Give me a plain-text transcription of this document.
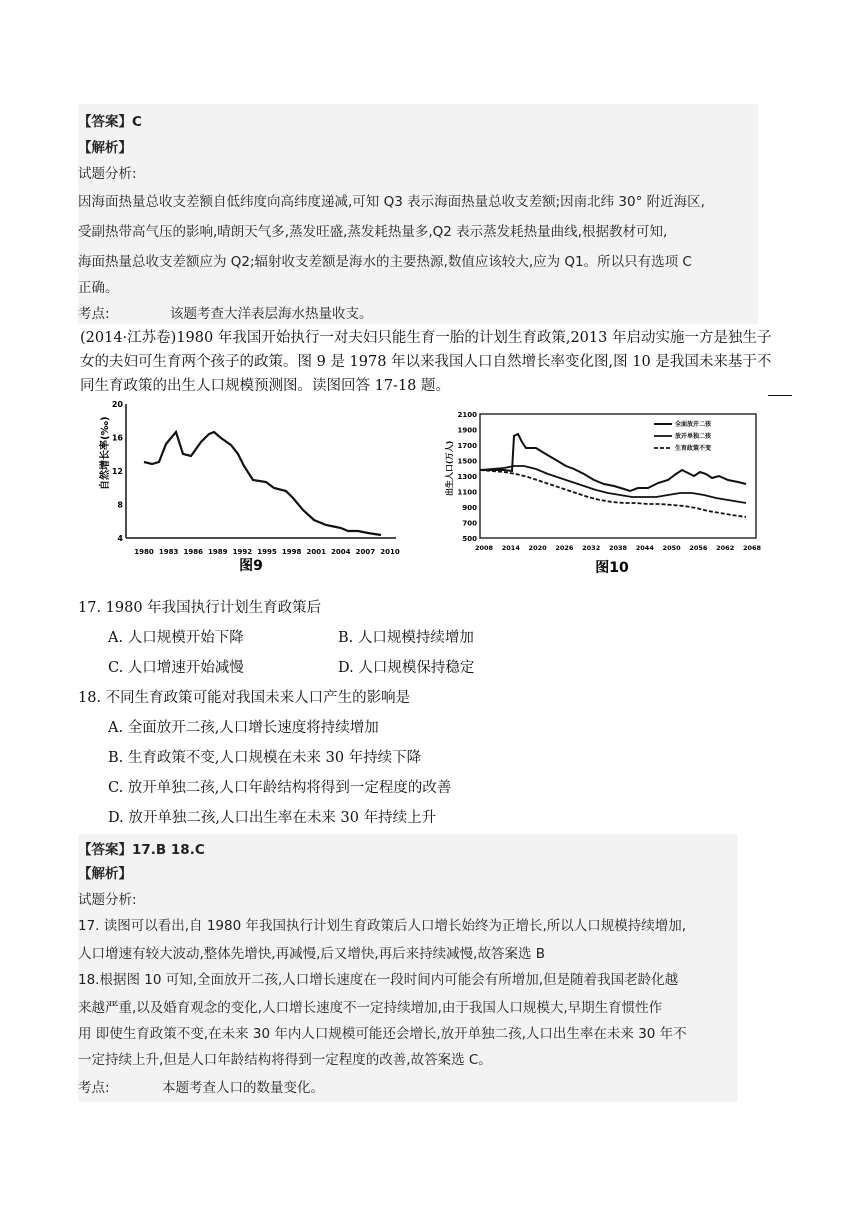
【答案】C
【解析】
试题分析:
因海面热量总收支差额自低纬度向高纬度递减,可知 Q3 表示海面热量总收支差额;因南北纬 30° 附近海区,
受副热带高气压的影响,晴朗天气多,蒸发旺盛,蒸发耗热量多,Q2 表示蒸发耗热量曲线,根据教材可知,
海面热量总收支差额应为 Q2;辐射收支差额是海水的主要热源,数值应该较大,应为 Q1。所以只有选项 C
正确。
考点:	该题考查大洋表层海水热量收支。
(2014·江苏卷)1980 年我国开始执行一对夫妇只能生育一胎的计划生育政策,2013 年启动实施一方是独生子女的夫妇可生育两个孩子的政策。图 9 是 1978 年以来我国人口自然增长率变化图,图 10 是我国未来基于不同生育政策的出生人口规模预测图。读图回答 17-18 题。
自然增长率(‰)
20
16
12
8
4
1980 1983 1986 1989 1992 1995 1998 2001 2004 2007 2010
图9
出生人口(万人)
2100
1900
1700
1500
1300
1100
900
700
500
2008 2014 2020 2026 2032 2038 2044 2050 2056 2062 2068
全面放开二孩
放开单独二孩
生育政策不变
图10
17. 1980 年我国执行计划生育政策后
A. 人口规模开始下降	B. 人口规模持续增加
C. 人口增速开始减慢	D. 人口规模保持稳定
18. 不同生育政策可能对我国未来人口产生的影响是
A. 全面放开二孩,人口增长速度将持续增加
B. 生育政策不变,人口规模在未来 30 年持续下降
C. 放开单独二孩,人口年龄结构将得到一定程度的改善
D. 放开单独二孩,人口出生率在未来 30 年持续上升
【答案】17.B 18.C
【解析】
试题分析:
17. 读图可以看出,自 1980 年我国执行计划生育政策后人口增长始终为正增长,所以人口规模持续增加,
人口增速有较大波动,整体先增快,再减慢,后又增快,再后来持续减慢,故答案选 B
18.根据图 10 可知,全面放开二孩,人口增长速度在一段时间内可能会有所增加,但是随着我国老龄化越
来越严重,以及婚育观念的变化,人口增长速度不一定持续增加,由于我国人口规模大,早期生育惯性作
用 即使生育政策不变,在未来 30 年内人口规模可能还会增长,放开单独二孩,人口出生率在未来 30 年不
一定持续上升,但是人口年龄结构将得到一定程度的改善,故答案选 C。
考点:	本题考查人口的数量变化。
